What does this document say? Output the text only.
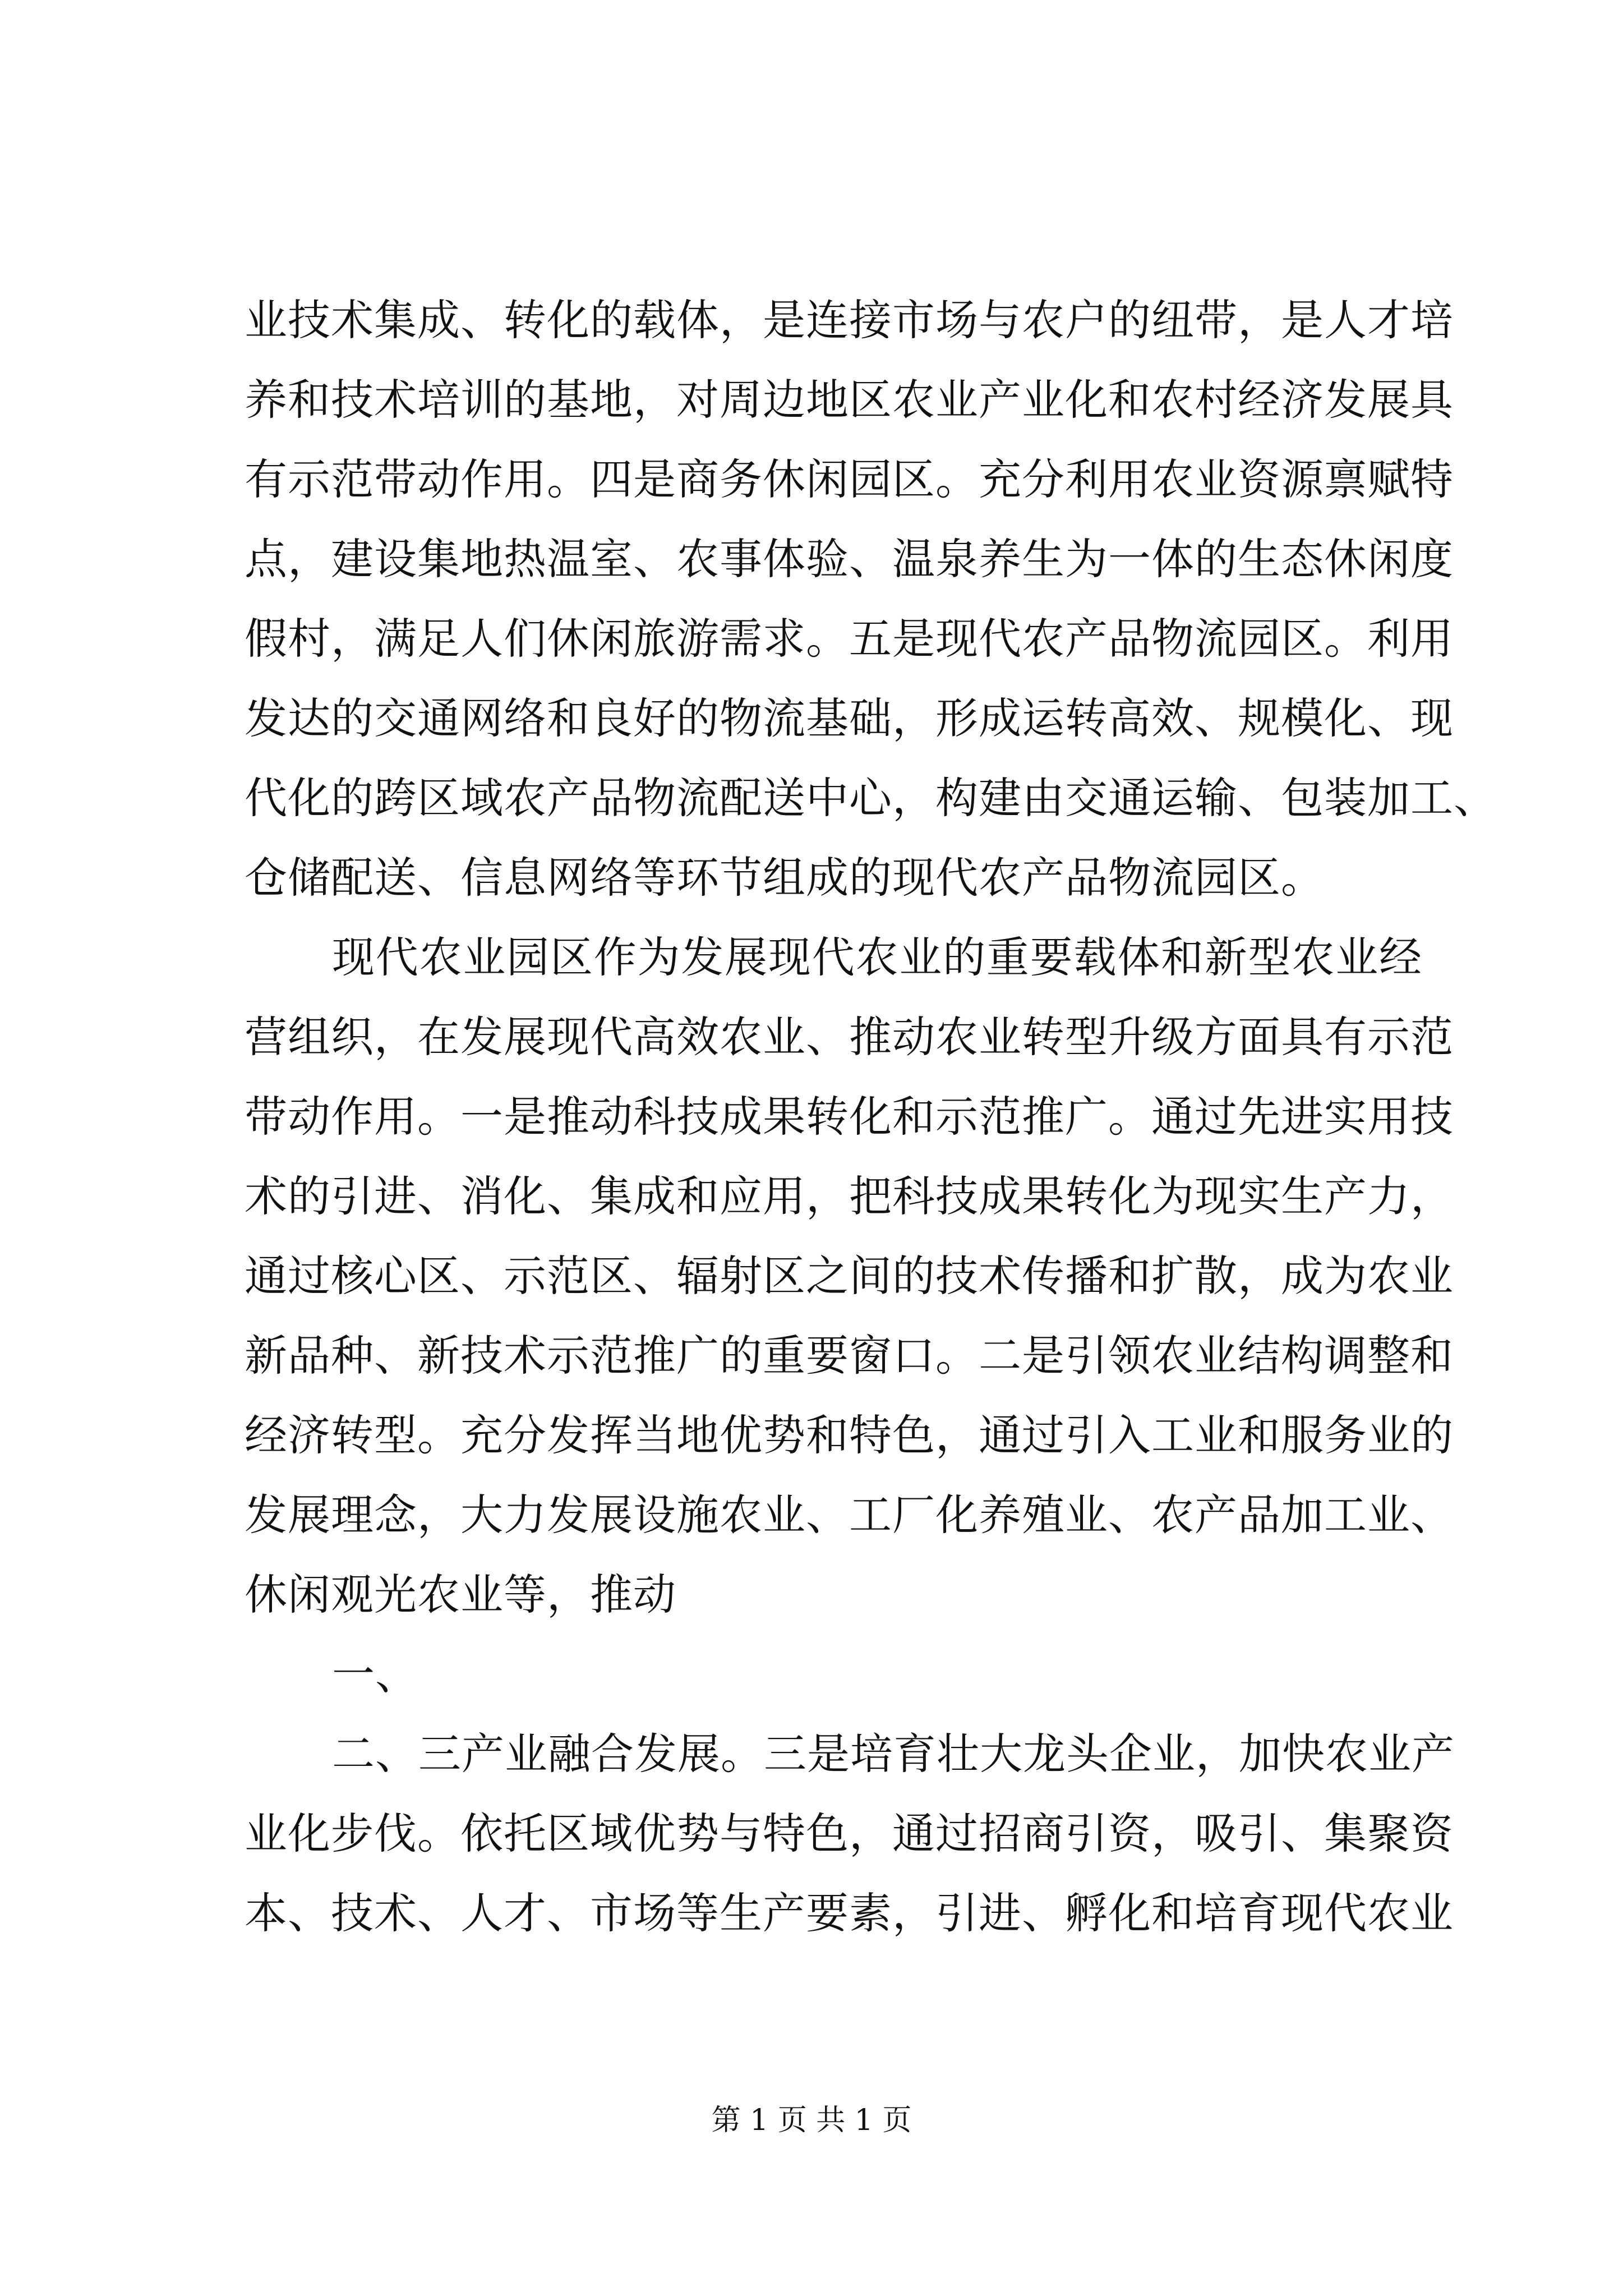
业技术集成、转化的载体，是连接市场与农户的纽带，是人才培
养和技术培训的基地，对周边地区农业产业化和农村经济发展具
有示范带动作用。四是商务休闲园区。充分利用农业资源禀赋特
点，建设集地热温室、农事体验、温泉养生为一体的生态休闲度
假村，满足人们休闲旅游需求。五是现代农产品物流园区。利用
发达的交通网络和良好的物流基础，形成运转高效、规模化、现
代化的跨区域农产品物流配送中心，构建由交通运输、包装加工、
仓储配送、信息网络等环节组成的现代农产品物流园区。
现代农业园区作为发展现代农业的重要载体和新型农业经
营组织，在发展现代高效农业、推动农业转型升级方面具有示范
带动作用。一是推动科技成果转化和示范推广。通过先进实用技
术的引进、消化、集成和应用，把科技成果转化为现实生产力，
通过核心区、示范区、辐射区之间的技术传播和扩散，成为农业
新品种、新技术示范推广的重要窗口。二是引领农业结构调整和
经济转型。充分发挥当地优势和特色，通过引入工业和服务业的
发展理念，大力发展设施农业、工厂化养殖业、农产品加工业、
休闲观光农业等，推动
一、
二、三产业融合发展。三是培育壮大龙头企业，加快农业产
业化步伐。依托区域优势与特色，通过招商引资，吸引、集聚资
本、技术、人才、市场等生产要素，引进、孵化和培育现代农业
第 1 页 共 1 页
